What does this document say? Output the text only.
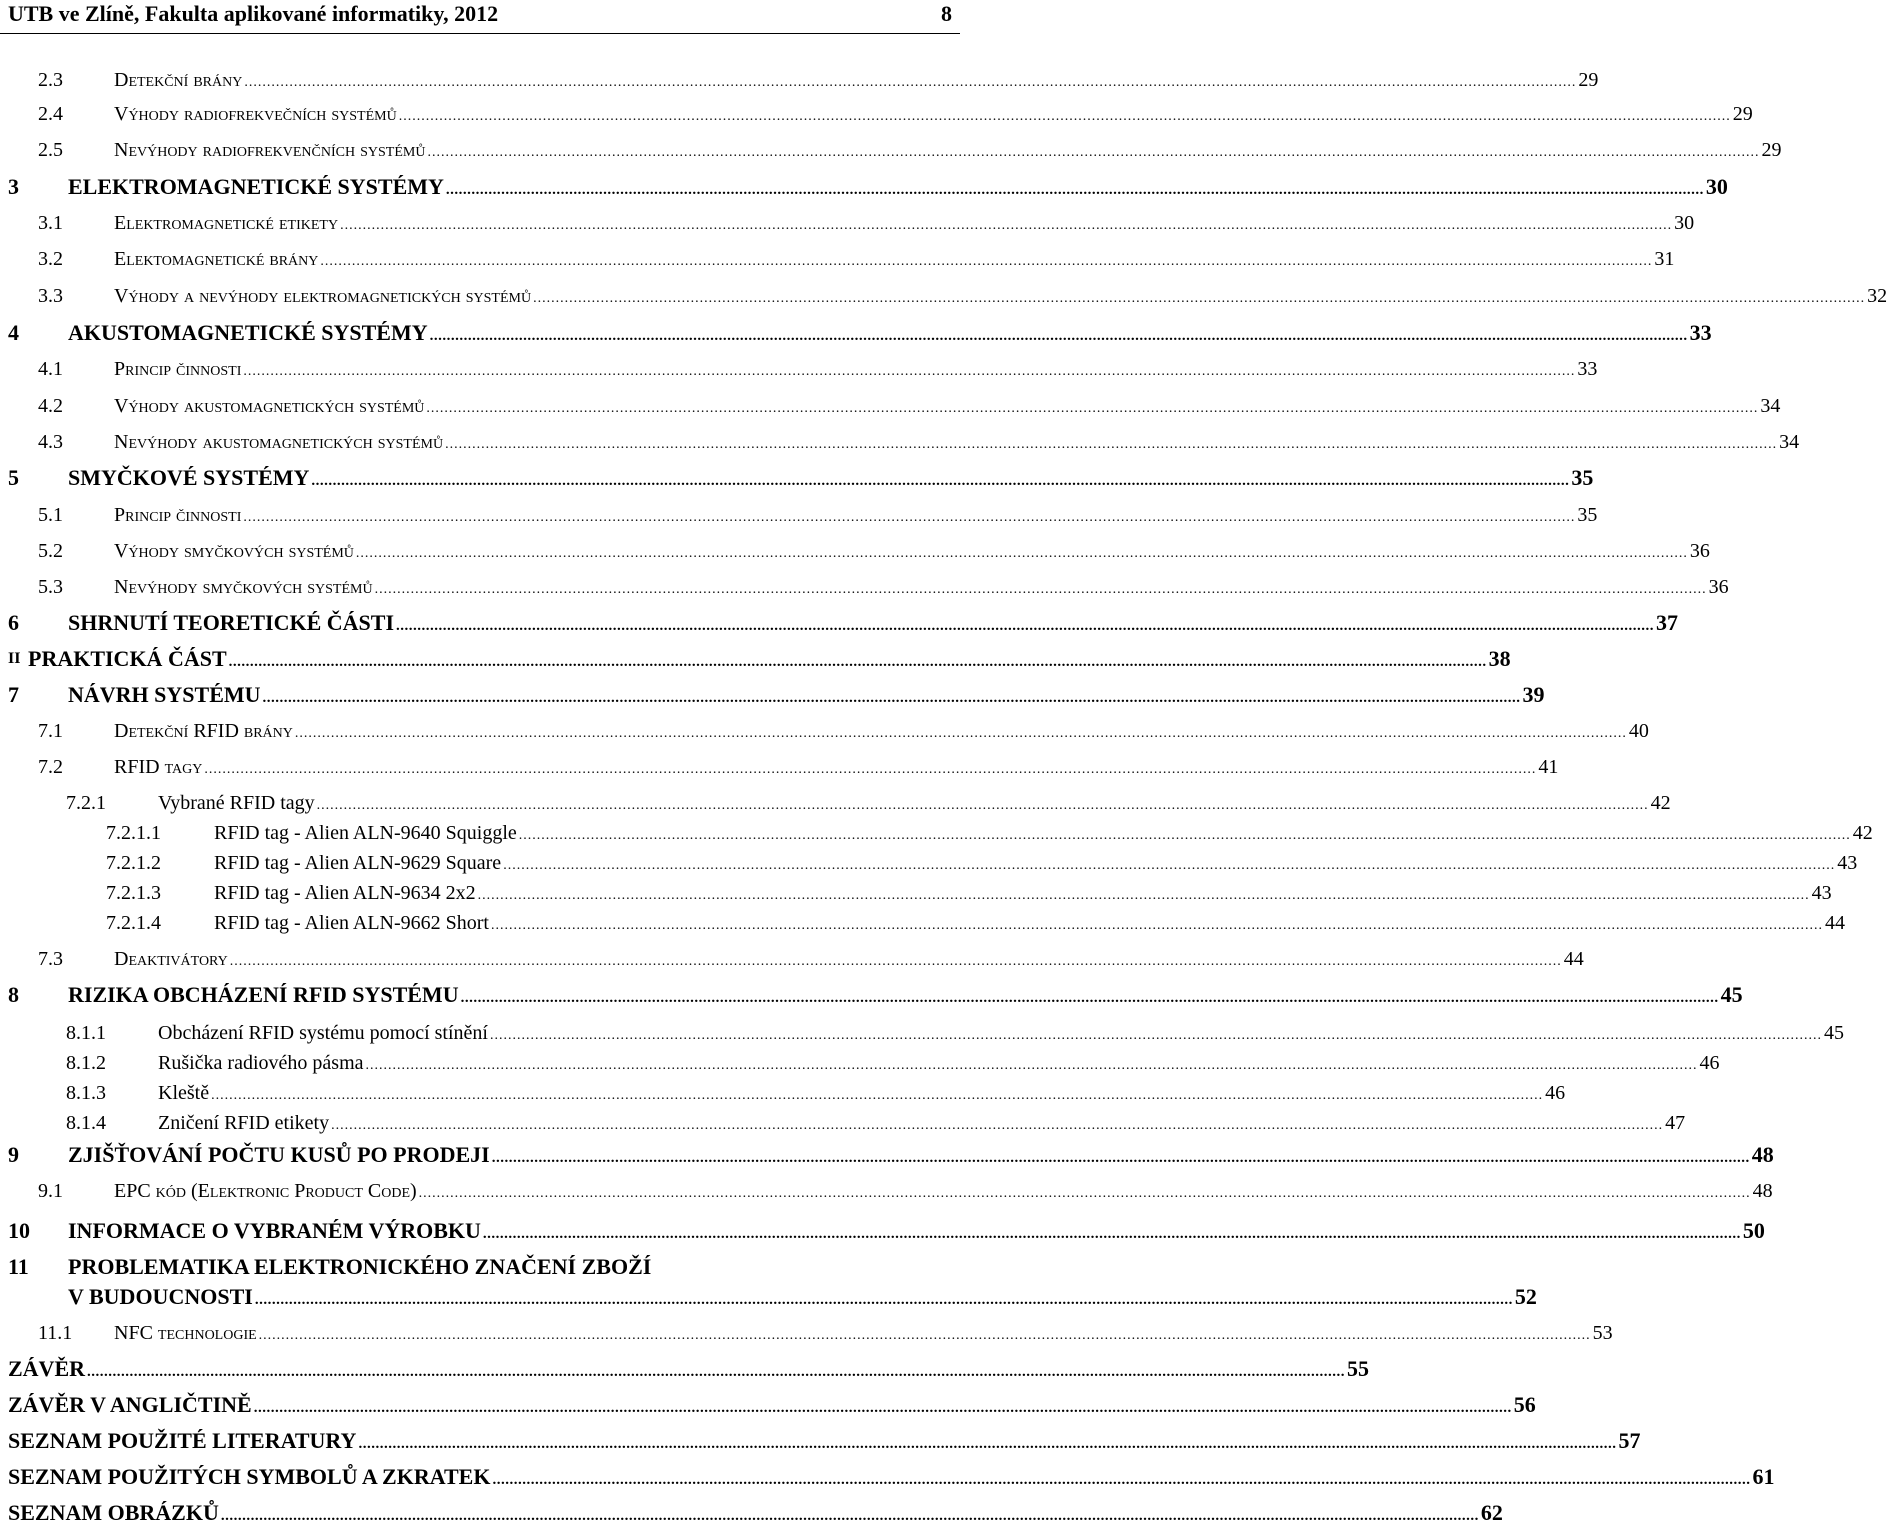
UTB ve Zlíně, Fakulta aplikované informatiky, 2012	8
2.3	Detekční brány .....	29
2.4	Výhody radiofrekvečních systémů .....	29
2.5	Nevýhody radiofrekvenčních systémů .....	29
3 ELEKTROMAGNETICKÉ SYSTÉMY .....	30
3.1	Elektromagnetické etikety .....	30
3.2	Elektomagnetické brány .....	31
3.3	Výhody a nevýhody elektromagnetických systémů .....	32
4 AKUSTOMAGNETICKÉ SYSTÉMY .....	33
4.1	Princip činnosti .....	33
4.2	Výhody akustomagnetických systémů .....	34
4.3	Nevýhody akustomagnetických systémů .....	34
5 SMYČKOVÉ SYSTÉMY .....	35
5.1	Princip činnosti .....	35
5.2	Výhody smyčkových systémů .....	36
5.3	Nevýhody smyčkových systémů .....	36
6 SHRNUTÍ TEORETICKÉ ČÁSTI .....	37
II PRAKTICKÁ ČÁST .....	38
7 NÁVRH SYSTÉMU .....	39
7.1	Detekční RFID brány .....	40
7.2	RFID tagy .....	41
7.2.1	Vybrané RFID tagy .....	42
7.2.1.1	RFID tag - Alien ALN-9640 Squiggle .....	42
7.2.1.2	RFID tag - Alien ALN-9629 Square .....	43
7.2.1.3	RFID tag - Alien ALN-9634 2x2 .....	43
7.2.1.4	RFID tag - Alien ALN-9662 Short .....	44
7.3	Deaktivátory .....	44
8 RIZIKA OBCHÁZENÍ RFID SYSTÉMU .....	45
8.1.1	Obcházení RFID systému pomocí stínění .....	45
8.1.2	Rušička radiového pásma .....	46
8.1.3	Kleště .....	46
8.1.4	Zničení RFID etikety .....	47
9 ZJIŠŤOVÁNÍ POČTU KUSŮ PO PRODEJI .....	48
9.1	EPC kód (Elektronic Product Code) .....	48
10 INFORMACE O VYBRANÉM VÝROBKU .....	50
11 PROBLEMATIKA ELEKTRONICKÉHO ZNAČENÍ ZBOŽÍ
V BUDOUCNOSTI .....	52
11.1 NFC technologie .....	53
ZÁVĚR .....	55
ZÁVĚR V ANGLIČTINĚ .....	56
SEZNAM POUŽITÉ LITERATURY .....	57
SEZNAM POUŽITÝCH SYMBOLŮ A ZKRATEK .....	61
SEZNAM OBRÁZKŮ .....	62
